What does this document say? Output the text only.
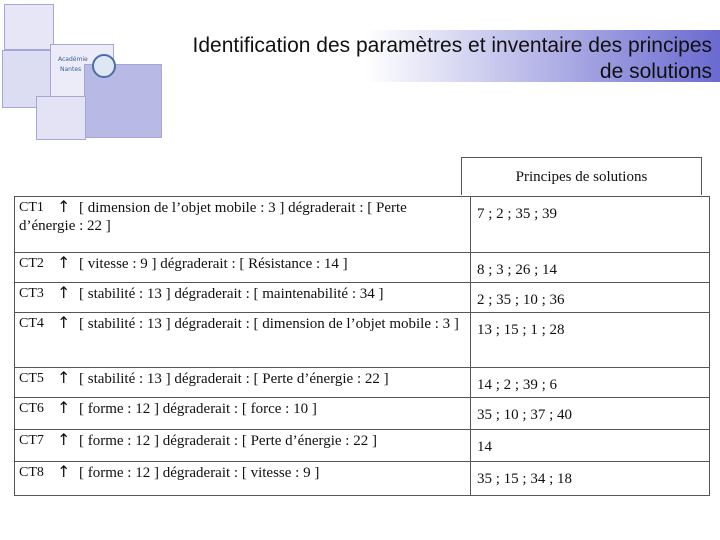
Académie
Nantes
Identification des paramètres et inventaire des principes de solutions
Principes de solutions
CT1 ↑ [ dimension de l’objet mobile : 3 ] dégraderait : [ Perte d’énergie : 22 ]	7 ; 2 ; 35 ; 39
CT2 ↑ [ vitesse : 9 ] dégraderait : [ Résistance : 14 ]	8 ; 3 ; 26 ; 14
CT3 ↑ [ stabilité : 13 ] dégraderait : [ maintenabilité : 34 ]	2 ; 35 ; 10 ; 36
CT4 ↑ [ stabilité : 13 ] dégraderait : [ dimension de l’objet mobile : 3 ]	13 ; 15 ; 1 ; 28
CT5 ↑ [ stabilité : 13 ] dégraderait : [ Perte d’énergie : 22 ]	14 ; 2 ; 39 ; 6
CT6 ↑ [ forme : 12 ] dégraderait : [ force : 10 ]	35 ; 10 ; 37 ; 40
CT7 ↑ [ forme : 12 ] dégraderait : [ Perte d’énergie : 22 ]	14
CT8 ↑ [ forme : 12 ] dégraderait : [ vitesse : 9 ]	35 ; 15 ; 34 ; 18
